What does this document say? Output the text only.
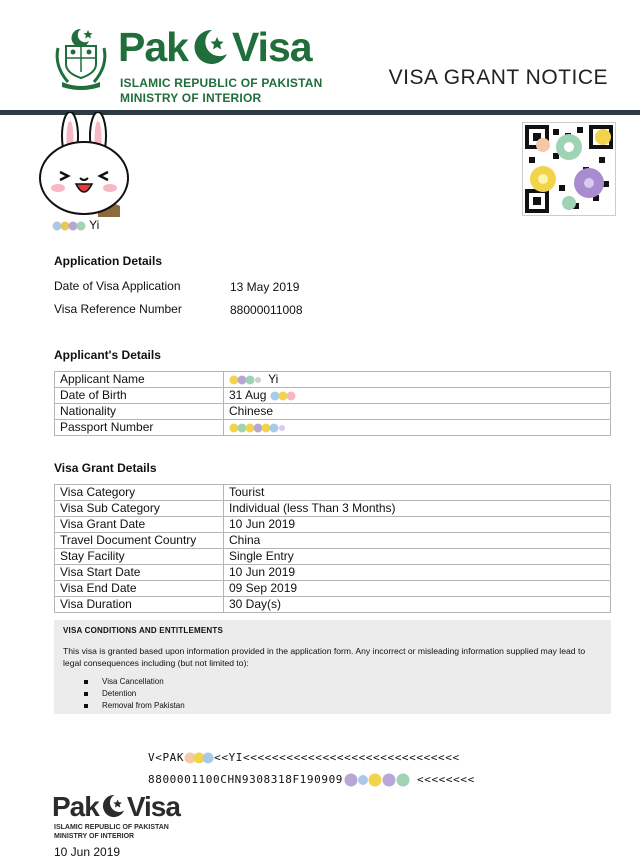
Pak Visa
ISLAMIC REPUBLIC OF PAKISTAN
MINISTRY OF INTERIOR
VISA GRANT NOTICE
Yi
Application Details
Date of Visa Application	13 May 2019
Visa Reference Number	88000011008
Applicant's Details
Applicant Name	Yi
Date of Birth	31 Aug
Nationality	Chinese
Passport Number	
Visa Grant Details
Visa Category	Tourist
Visa Sub Category	Individual (less Than 3 Months)
Visa Grant Date	10 Jun 2019
Travel Document Country	China
Stay Facility	Single Entry
Visa Start Date	10 Jun 2019
Visa End Date	09 Sep 2019
Visa Duration	30 Day(s)
VISA CONDITIONS AND ENTITLEMENTS
This visa is granted based upon information provided in the application form. Any incorrect or misleading information supplied may lead to legal consequences including (but not limited to):
Visa Cancellation
Detention
Removal from Pakistan
V<PAK	<<YI<<<<<<<<<<<<<<<<<<<<<<<<<<<<<<
8800001100CHN9308318F190909	<<<<<<<<
Pak Visa
ISLAMIC REPUBLIC OF PAKISTAN
MINISTRY OF INTERIOR
10 Jun 2019
